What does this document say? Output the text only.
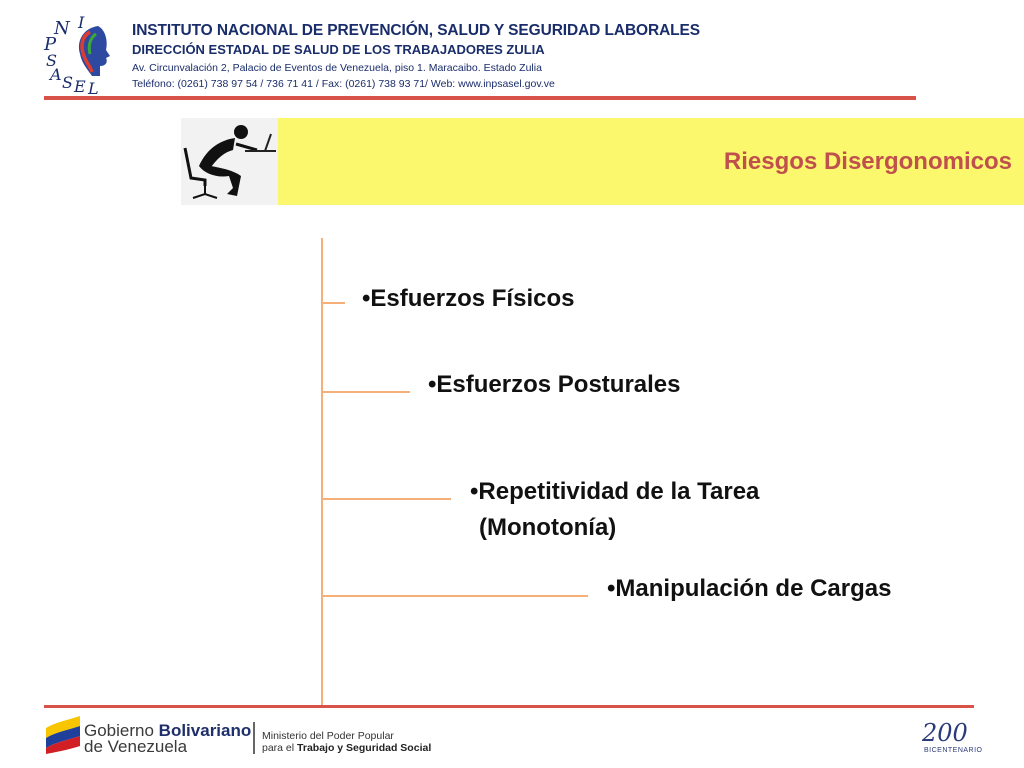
N I
P
S
A S E L
INSTITUTO NACIONAL DE PREVENCIÓN, SALUD Y SEGURIDAD LABORALES
DIRECCIÓN ESTADAL DE SALUD DE LOS TRABAJADORES ZULIA
Av. Circunvalación 2, Palacio de Eventos de Venezuela, piso 1. Maracaibo. Estado Zulia
Teléfono: (0261) 738 97 54 / 736 71 41 / Fax: (0261) 738 93 71/ Web: www.inpsasel.gov.ve
Riesgos Disergonomicos
•Esfuerzos Físicos
•Esfuerzos Posturales
•Repetitividad de la Tarea
(Monotonía)
•Manipulación de Cargas
Gobierno Bolivariano
de Venezuela
Ministerio del Poder Popular
para el Trabajo y Seguridad Social
200
BICENTENARIO
